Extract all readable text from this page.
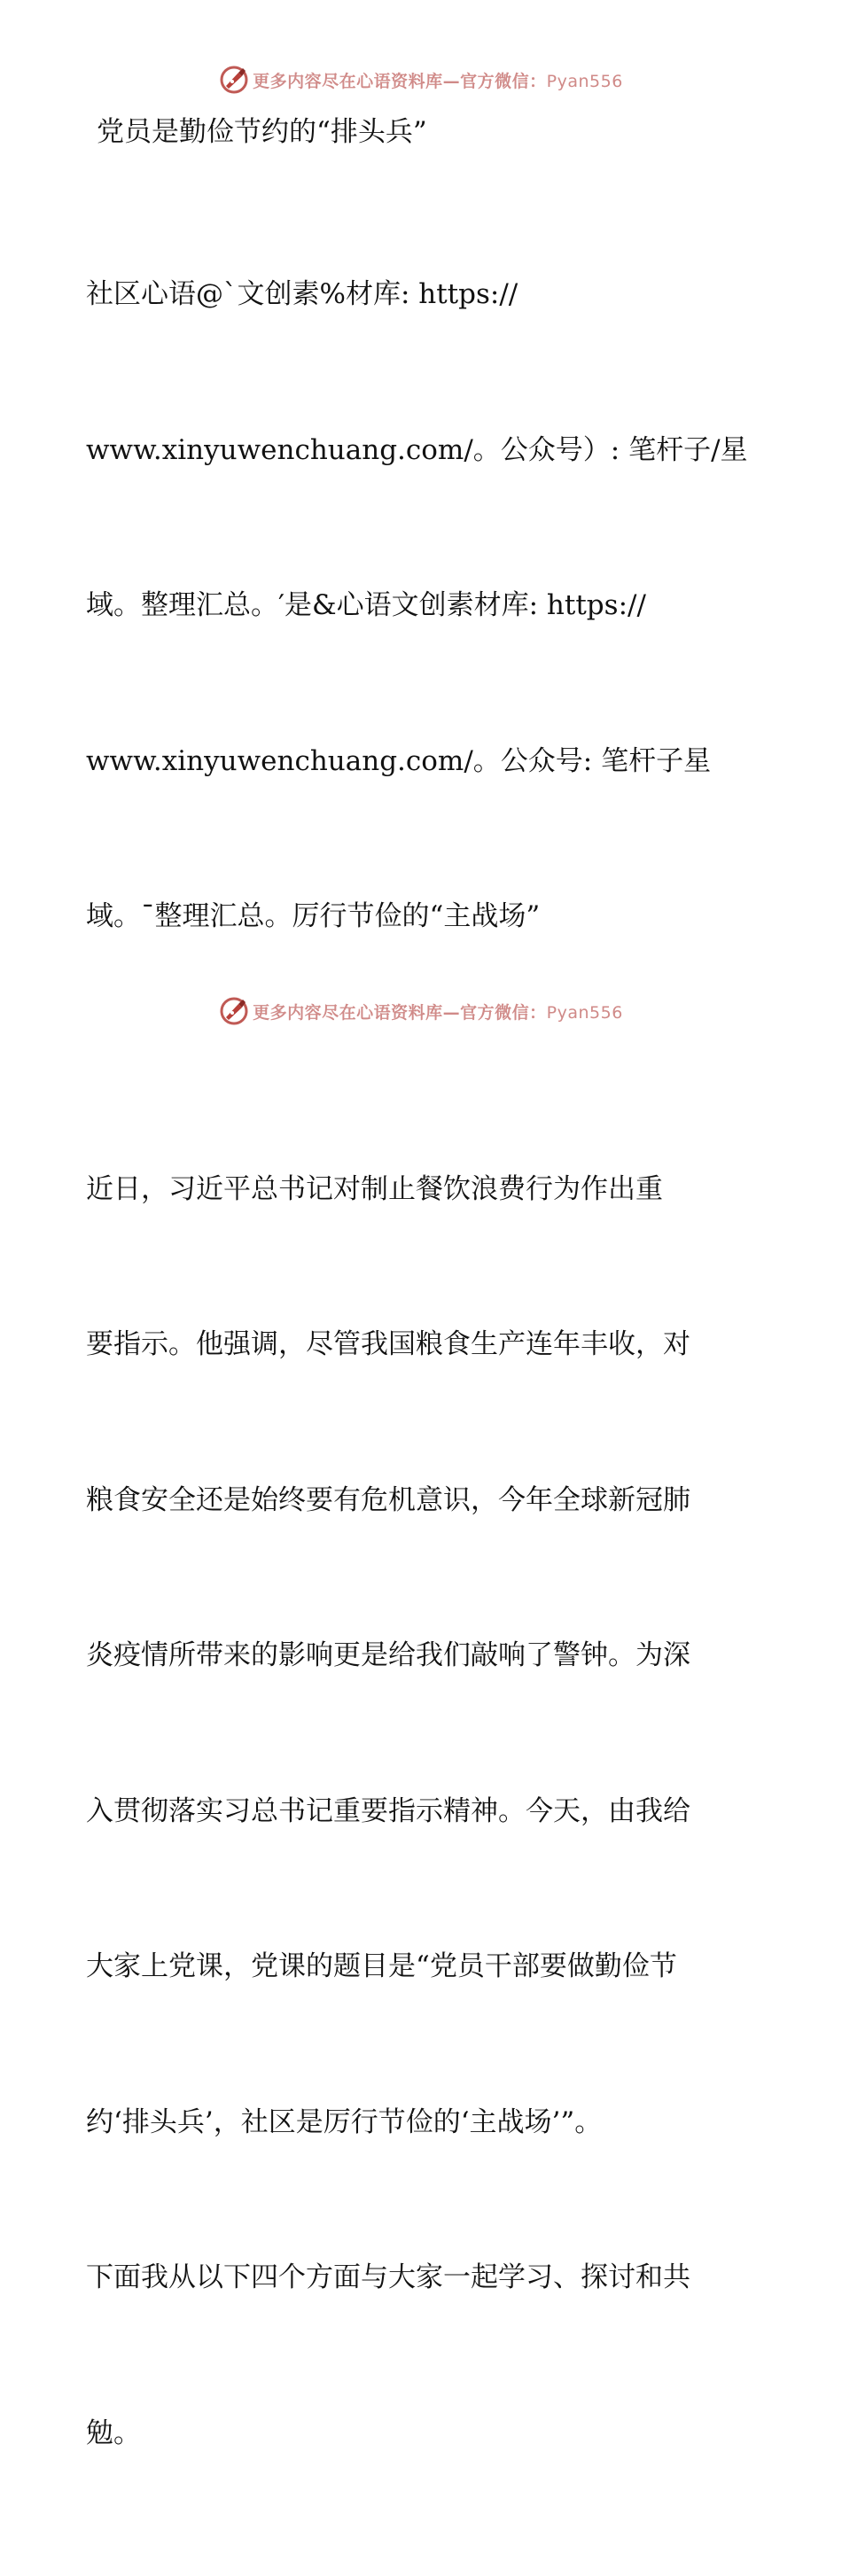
更多内容尽在心语资料库—官方微信：Pyan556
党员是勤俭节约的“排头兵”

社区心语@`文创素%材库: https://

www.xinyuwenchuang.com/。公众号）: 笔杆子/星

域。整理汇总。′是&心语文创素材库: https://

www.xinyuwenchuang.com/。公众号: 笔杆子星

域。¯整理汇总。厉行节俭的“主战场”

近日，习近平总书记对制止餐饮浪费行为作出重

要指示。他强调，尽管我国粮食生产连年丰收，对

粮食安全还是始终要有危机意识，今年全球新冠肺

炎疫情所带来的影响更是给我们敲响了警钟。为深

入贯彻落实习总书记重要指示精神。今天，由我给

大家上党课，党课的题目是“党员干部要做勤俭节

约‘排头兵’，社区是厉行节俭的‘主战场’”。

下面我从以下四个方面与大家一起学习、探讨和共

勉。

更多内容尽在心语资料库—官方微信：Pyan556
